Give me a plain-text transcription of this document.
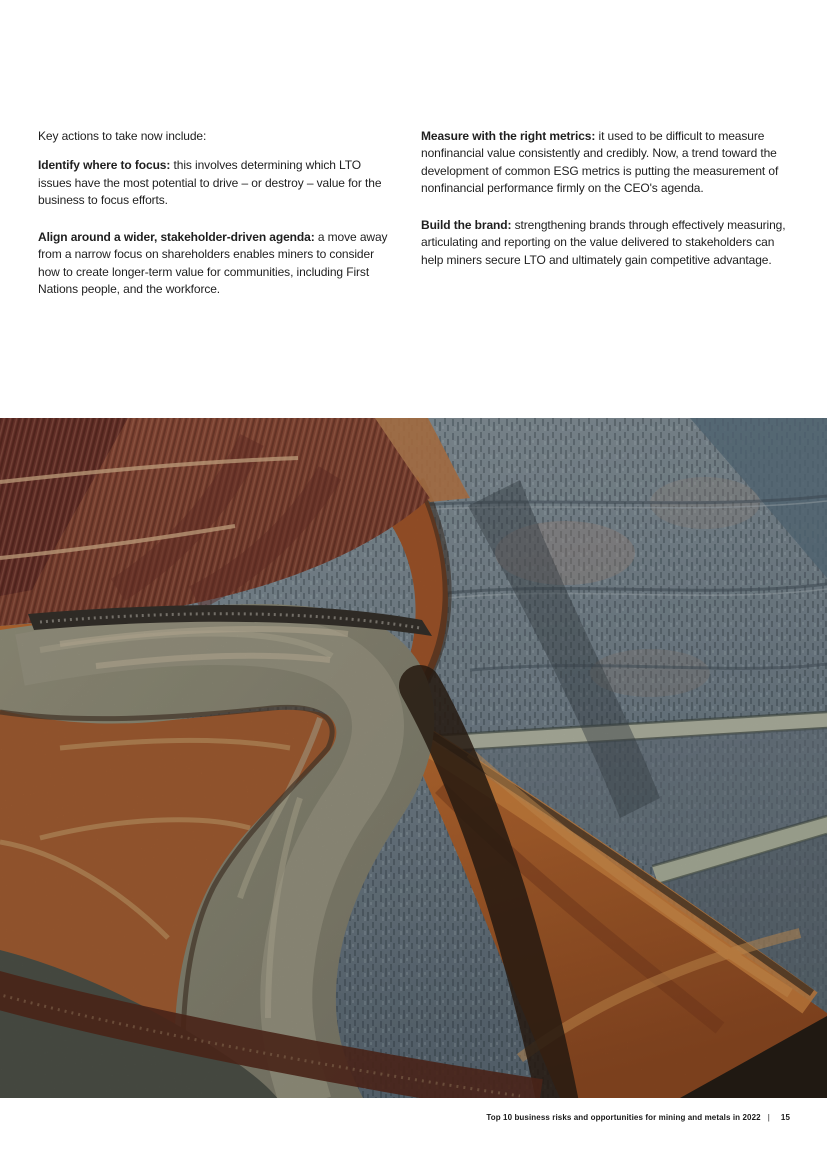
Key actions to take now include:

Identify where to focus: this involves determining which LTO issues have the most potential to drive – or destroy – value for the business to focus efforts.

Align around a wider, stakeholder-driven agenda: a move away from a narrow focus on shareholders enables miners to consider how to create longer-term value for communities, including First Nations people, and the workforce.

Measure with the right metrics: it used to be difficult to measure nonfinancial value consistently and credibly. Now, a trend toward the development of common ESG metrics is putting the measurement of nonfinancial performance firmly on the CEO's agenda.

Build the brand: strengthening brands through effectively measuring, articulating and reporting on the value delivered to stakeholders can help miners secure LTO and ultimately gain competitive advantage.

Top 10 business risks and opportunities for mining and metals in 2022 | 15
